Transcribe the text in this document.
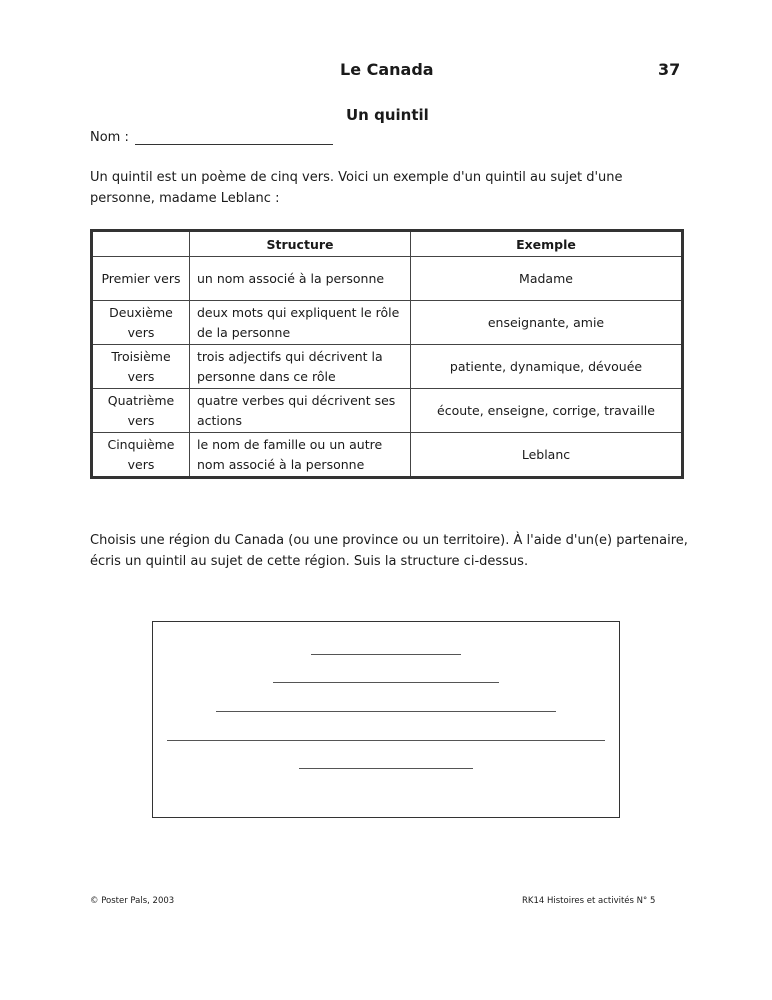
Le Canada	37
Un quintil
Nom :
Un quintil est un poème de cinq vers. Voici un exemple d'un quintil au sujet d'une personne, madame Leblanc :
	Structure	Exemple
Premier vers	un nom associé à la personne	Madame
Deuxième vers	deux mots qui expliquent le rôle de la personne	enseignante, amie
Troisième vers	trois adjectifs qui décrivent la personne dans ce rôle	patiente, dynamique, dévouée
Quatrième vers	quatre verbes qui décrivent ses actions	écoute, enseigne, corrige, travaille
Cinquième vers	le nom de famille ou un autre nom associé à la personne	Leblanc
Choisis une région du Canada (ou une province ou un territoire). À l'aide d'un(e) partenaire, écris un quintil au sujet de cette région. Suis la structure ci-dessus.
© Poster Pals, 2003	RK14 Histoires et activités N° 5
